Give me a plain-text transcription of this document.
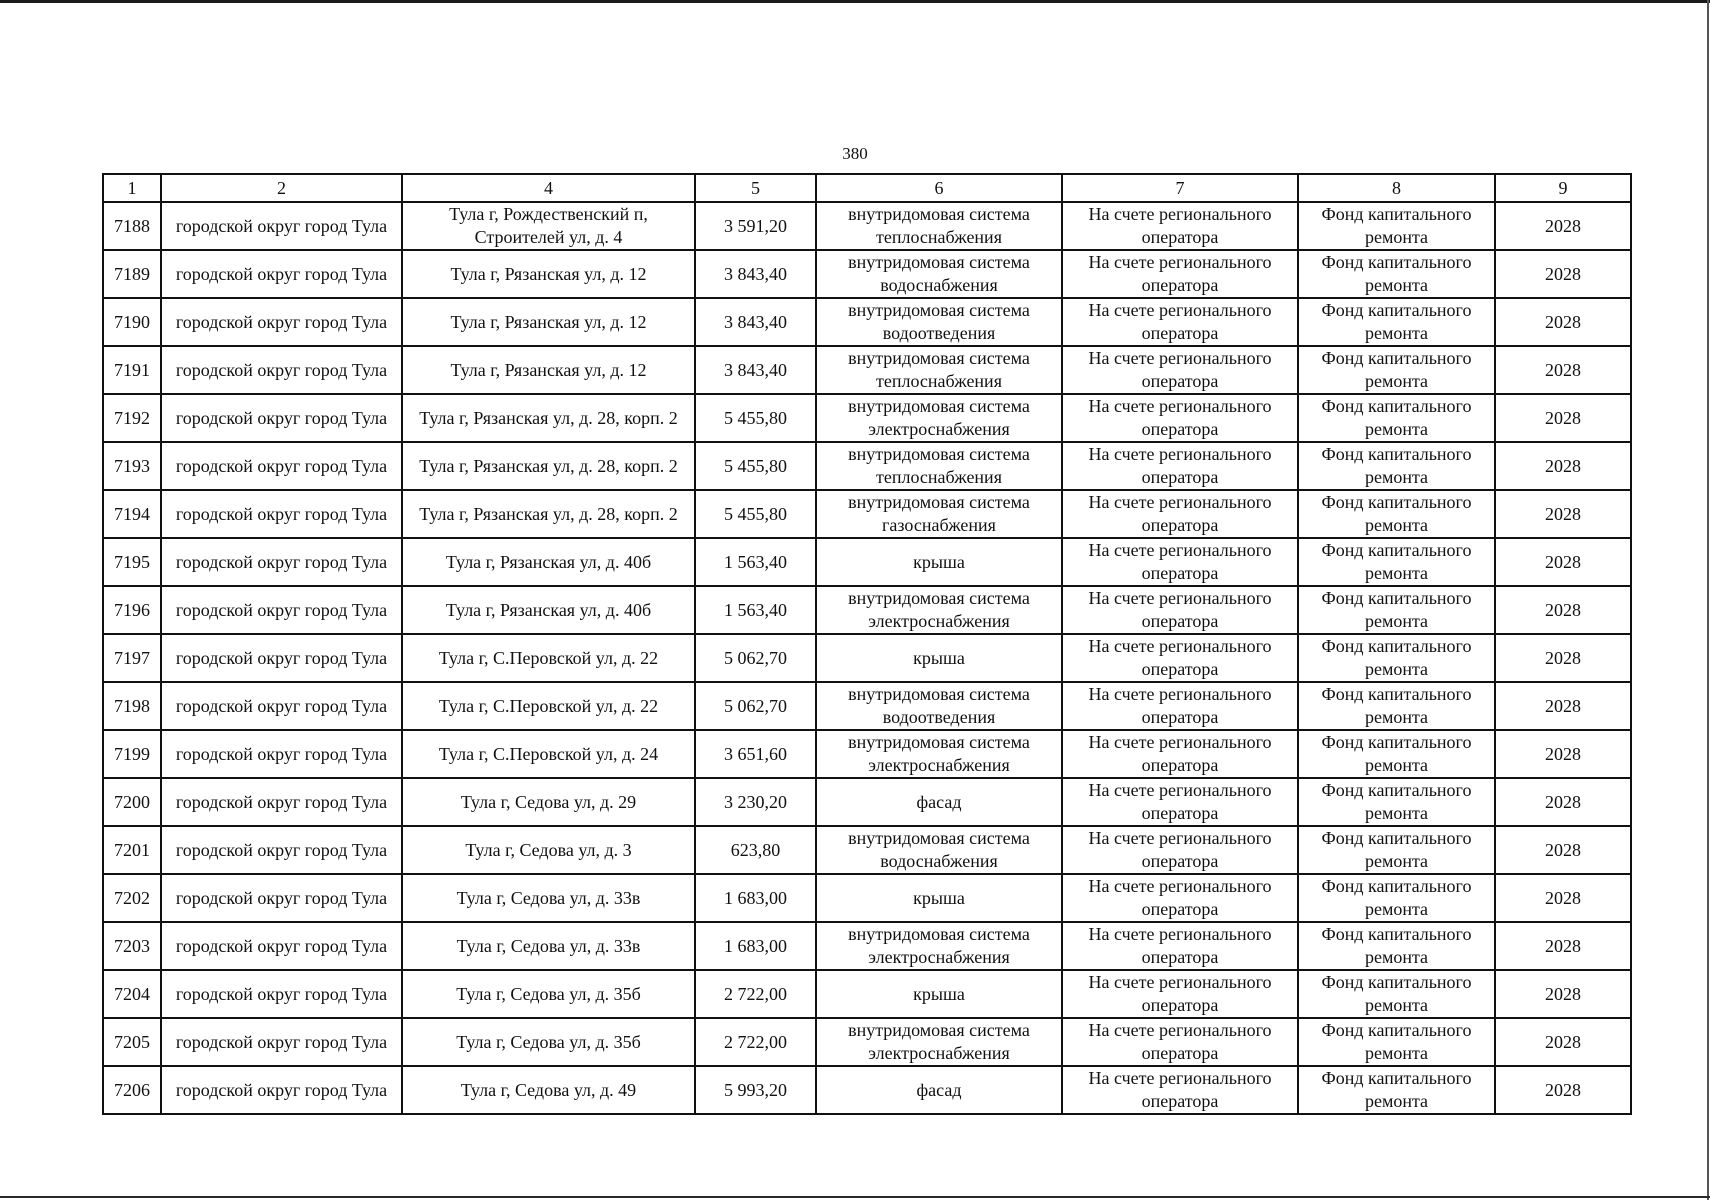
380
1	2	4	5	6	7	8	9
7188	городской округ город Тула	Тула г, Рождественский п, Строителей ул, д. 4	3 591,20	внутридомовая система теплоснабжения	На счете регионального оператора	Фонд капитального ремонта	2028
7189	городской округ город Тула	Тула г, Рязанская ул, д. 12	3 843,40	внутридомовая система водоснабжения	На счете регионального оператора	Фонд капитального ремонта	2028
7190	городской округ город Тула	Тула г, Рязанская ул, д. 12	3 843,40	внутридомовая система водоотведения	На счете регионального оператора	Фонд капитального ремонта	2028
7191	городской округ город Тула	Тула г, Рязанская ул, д. 12	3 843,40	внутридомовая система теплоснабжения	На счете регионального оператора	Фонд капитального ремонта	2028
7192	городской округ город Тула	Тула г, Рязанская ул, д. 28, корп. 2	5 455,80	внутридомовая система электроснабжения	На счете регионального оператора	Фонд капитального ремонта	2028
7193	городской округ город Тула	Тула г, Рязанская ул, д. 28, корп. 2	5 455,80	внутридомовая система теплоснабжения	На счете регионального оператора	Фонд капитального ремонта	2028
7194	городской округ город Тула	Тула г, Рязанская ул, д. 28, корп. 2	5 455,80	внутридомовая система газоснабжения	На счете регионального оператора	Фонд капитального ремонта	2028
7195	городской округ город Тула	Тула г, Рязанская ул, д. 40б	1 563,40	крыша	На счете регионального оператора	Фонд капитального ремонта	2028
7196	городской округ город Тула	Тула г, Рязанская ул, д. 40б	1 563,40	внутридомовая система электроснабжения	На счете регионального оператора	Фонд капитального ремонта	2028
7197	городской округ город Тула	Тула г, С.Перовской ул, д. 22	5 062,70	крыша	На счете регионального оператора	Фонд капитального ремонта	2028
7198	городской округ город Тула	Тула г, С.Перовской ул, д. 22	5 062,70	внутридомовая система водоотведения	На счете регионального оператора	Фонд капитального ремонта	2028
7199	городской округ город Тула	Тула г, С.Перовской ул, д. 24	3 651,60	внутридомовая система электроснабжения	На счете регионального оператора	Фонд капитального ремонта	2028
7200	городской округ город Тула	Тула г, Седова ул, д. 29	3 230,20	фасад	На счете регионального оператора	Фонд капитального ремонта	2028
7201	городской округ город Тула	Тула г, Седова ул, д. 3	623,80	внутридомовая система водоснабжения	На счете регионального оператора	Фонд капитального ремонта	2028
7202	городской округ город Тула	Тула г, Седова ул, д. 33в	1 683,00	крыша	На счете регионального оператора	Фонд капитального ремонта	2028
7203	городской округ город Тула	Тула г, Седова ул, д. 33в	1 683,00	внутридомовая система электроснабжения	На счете регионального оператора	Фонд капитального ремонта	2028
7204	городской округ город Тула	Тула г, Седова ул, д. 35б	2 722,00	крыша	На счете регионального оператора	Фонд капитального ремонта	2028
7205	городской округ город Тула	Тула г, Седова ул, д. 35б	2 722,00	внутридомовая система электроснабжения	На счете регионального оператора	Фонд капитального ремонта	2028
7206	городской округ город Тула	Тула г, Седова ул, д. 49	5 993,20	фасад	На счете регионального оператора	Фонд капитального ремонта	2028
